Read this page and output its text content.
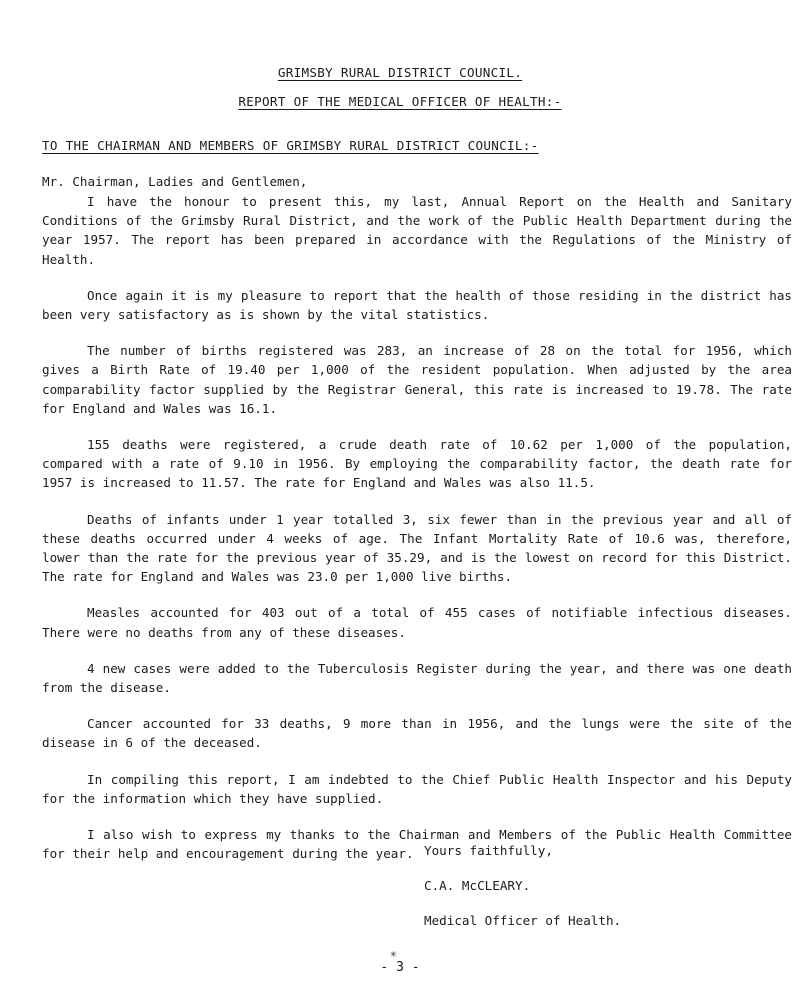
GRIMSBY RURAL DISTRICT COUNCIL.
REPORT OF THE MEDICAL OFFICER OF HEALTH:-
TO THE CHAIRMAN AND MEMBERS OF GRIMSBY RURAL DISTRICT COUNCIL:-
Mr. Chairman, Ladies and Gentlemen,

I have the honour to present this, my last, Annual Report on the Health and Sanitary Conditions of the Grimsby Rural District, and the work of the Public Health Department during the year 1957. The report has been prepared in accordance with the Regulations of the Ministry of Health.

Once again it is my pleasure to report that the health of those residing in the district has been very satisfactory as is shown by the vital statistics.

The number of births registered was 283, an increase of 28 on the total for 1956, which gives a Birth Rate of 19.40 per 1,000 of the resident population. When adjusted by the area comparability factor supplied by the Registrar General, this rate is increased to 19.78. The rate for England and Wales was 16.1.

155 deaths were registered, a crude death rate of 10.62 per 1,000 of the population, compared with a rate of 9.10 in 1956. By employing the comparability factor, the death rate for 1957 is increased to 11.57. The rate for England and Wales was also 11.5.

Deaths of infants under 1 year totalled 3, six fewer than in the previous year and all of these deaths occurred under 4 weeks of age. The Infant Mortality Rate of 10.6 was, therefore, lower than the rate for the previous year of 35.29, and is the lowest on record for this District. The rate for England and Wales was 23.0 per 1,000 live births.

Measles accounted for 403 out of a total of 455 cases of notifiable infectious diseases. There were no deaths from any of these diseases.

4 new cases were added to the Tuberculosis Register during the year, and there was one death from the disease.

Cancer accounted for 33 deaths, 9 more than in 1956, and the lungs were the site of the disease in 6 of the deceased.

In compiling this report, I am indebted to the Chief Public Health Inspector and his Deputy for the information which they have supplied.

I also wish to express my thanks to the Chairman and Members of the Public Health Committee for their help and encouragement during the year. Yours faithfully,
C.A. McCLEARY.
Medical Officer of Health.
✳
- 3 -
